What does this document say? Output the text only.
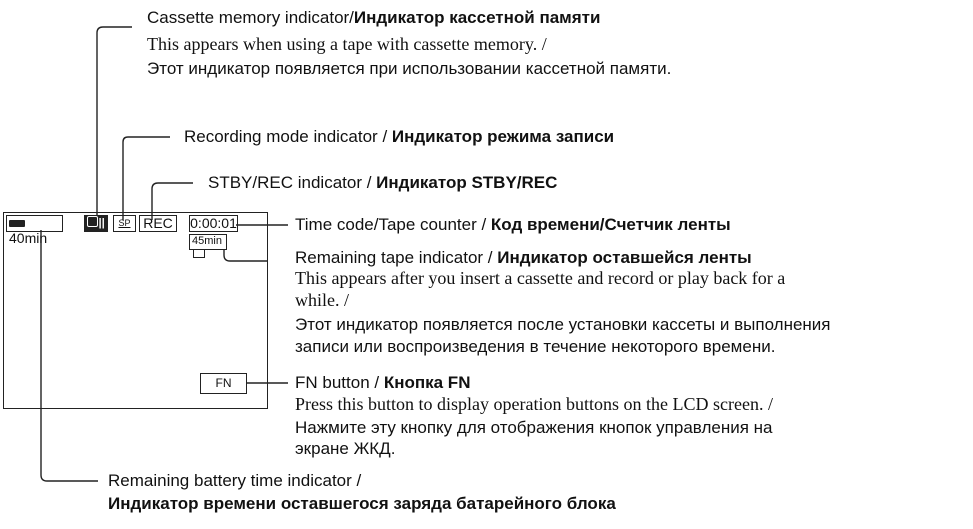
40min
||	SP REC	0:00:01
45min
FN
Cassette memory indicator/Индикатор кассетной памяти
This appears when using a tape with cassette memory. /
Этот индикатор появляется при использовании кассетной памяти.
Recording mode indicator / Индикатор режима записи
STBY/REC indicator / Индикатор STBY/REC
Time code/Tape counter / Код времени/Счетчик ленты
Remaining tape indicator / Индикатор оставшейся ленты
This appears after you insert a cassette and record or play back for a
while. /
Этот индикатор появляется после установки кассеты и выполнения
записи или воспроизведения в течение некоторого времени.
FN button / Кнопка FN
Press this button to display operation buttons on the LCD screen. /
Нажмите эту кнопку для отображения кнопок управления на
экране ЖКД.
Remaining battery time indicator /
Индикатор времени оставшегося заряда батарейного блока
